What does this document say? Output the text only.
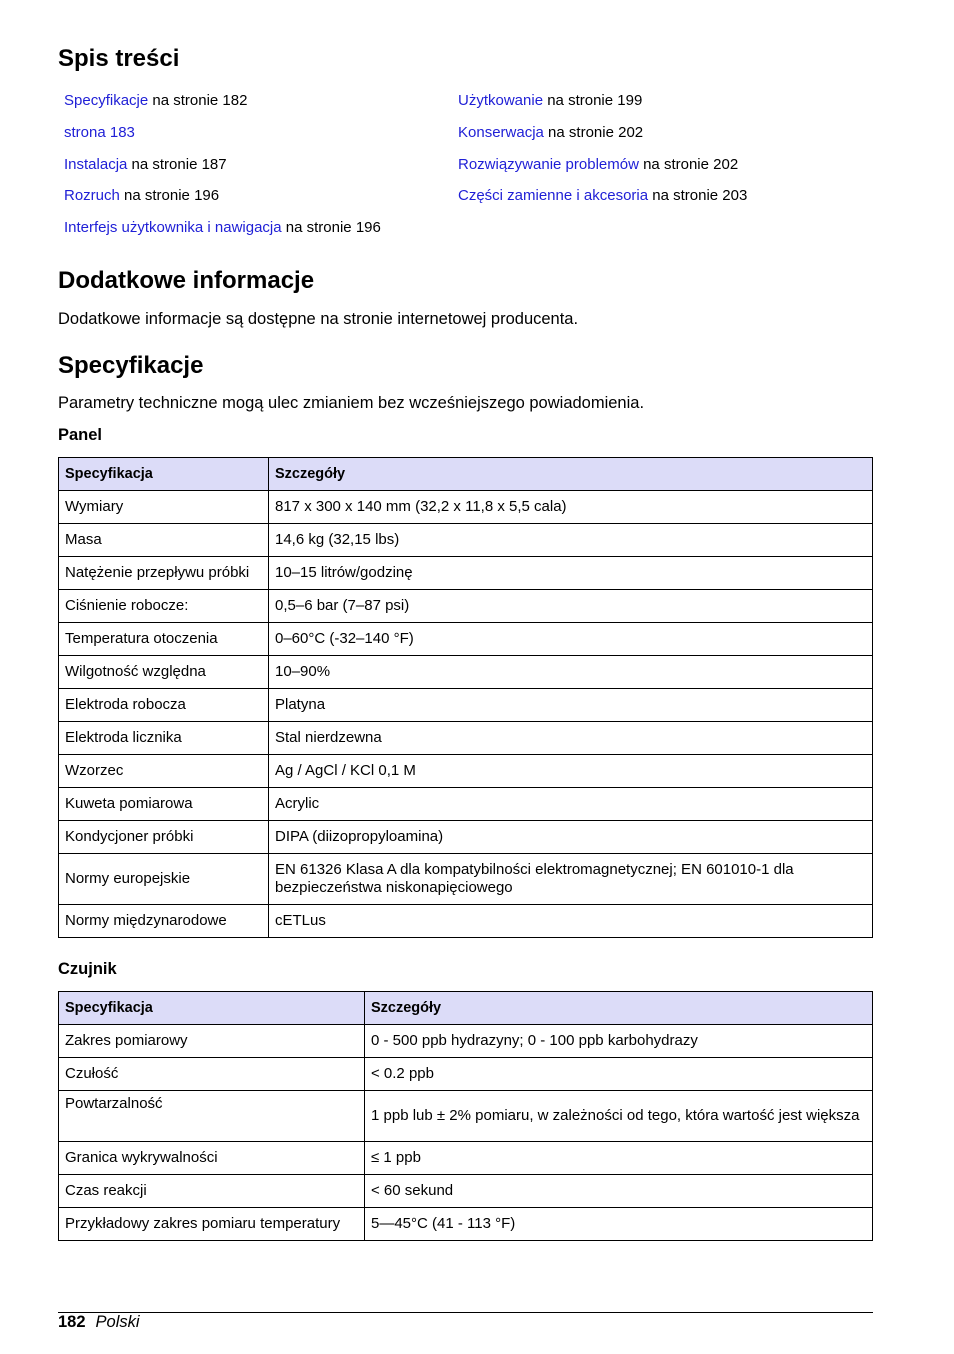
Spis treści
Specyfikacje na stronie 182
strona 183
Instalacja na stronie 187
Rozruch na stronie 196
Interfejs użytkownika i nawigacja na stronie 196
Użytkowanie na stronie 199
Konserwacja na stronie 202
Rozwiązywanie problemów na stronie 202
Części zamienne i akcesoria na stronie 203
Dodatkowe informacje

Dodatkowe informacje są dostępne na stronie internetowej producenta.

Specyfikacje

Parametry techniczne mogą ulec zmianiem bez wcześniejszego powiadomienia.

Panel
Specyfikacja	Szczegóły
Wymiary	817 x 300 x 140 mm (32,2 x 11,8 x 5,5 cala)
Masa	14,6 kg (32,15 lbs)
Natężenie przepływu próbki	10–15 litrów/godzinę
Ciśnienie robocze:	0,5–6 bar (7–87 psi)
Temperatura otoczenia	0–60°C (-32–140 °F)
Wilgotność względna	10–90%
Elektroda robocza	Platyna
Elektroda licznika	Stal nierdzewna
Wzorzec	Ag / AgCl / KCl 0,1 M
Kuweta pomiarowa	Acrylic
Kondycjoner próbki	DIPA (diizopropyloamina)
Normy europejskie	EN 61326 Klasa A dla kompatybilności elektromagnetycznej; EN 601010-1 dla bezpieczeństwa niskonapięciowego
Normy międzynarodowe	cETLus
Czujnik
Specyfikacja	Szczegóły
Zakres pomiarowy	0 - 500 ppb hydrazyny; 0 - 100 ppb karbohydrazy
Czułość	< 0.2 ppb
Powtarzalność	1 ppb lub ± 2% pomiaru, w zależności od tego, która wartość jest większa
Granica wykrywalności	≤ 1 ppb
Czas reakcji	< 60 sekund
Przykładowy zakres pomiaru temperatury	5—45°C (41 - 113 °F)
182 Polski
